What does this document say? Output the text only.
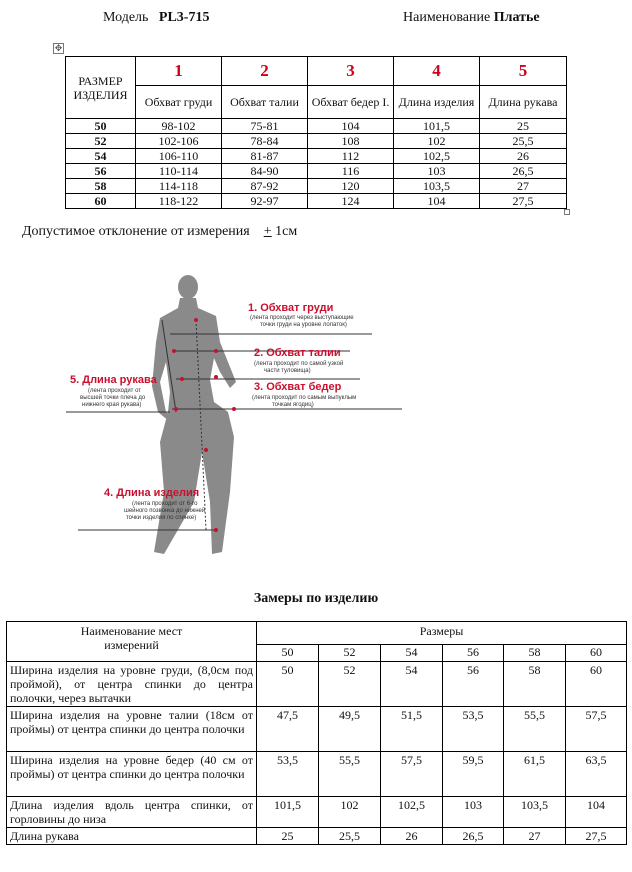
Модель PL3-715	Наименование Платье
✥
РАЗМЕР ИЗДЕЛИЯ	1	2	3	4	5
	Обхват груди	Обхват талии	Обхват бедер I.	Длина изделия	Длина рукава
50	98-102	75-81	104	101,5	25
52	102-106	78-84	108	102	25,5
54	106-110	81-87	112	102,5	26
56	110-114	84-90	116	103	26,5
58	114-118	87-92	120	103,5	27
60	118-122	92-97	124	104	27,5
Допустимое отклонение от измерения + 1см
1. Обхват груди
(лента проходит через выступающие
точки груди на уровне лопаток)
2. Обхват талии
(лента проходит по самой узкой
части туловища)
3. Обхват бедер
(лента проходит по самым выпуклым
точкам ягодиц)
4. Длина изделия
(лента проходит от 6-го
шейного позвонка до нижней
точки изделия по спинке)
5. Длина рукава
(лента проходит от
высшей точки плеча до
нижнего края рукава)
Замеры по изделию
Наименование мест измерений	Размеры					
	50	52	54	56	58	60
Ширина изделия на уровне груди, (8,0см под проймой), от центра спинки до центра полочки, через вытачки	50	52	54	56	58	60
Ширина изделия на уровне талии (18см от проймы) от центра спинки до центра полочки	47,5	49,5	51,5	53,5	55,5	57,5
Ширина изделия на уровне бедер (40 см от проймы) от центра спинки до центра полочки	53,5	55,5	57,5	59,5	61,5	63,5
Длина изделия вдоль центра спинки, от горловины до низа	101,5	102	102,5	103	103,5	104
Длина рукава	25	25,5	26	26,5	27	27,5
